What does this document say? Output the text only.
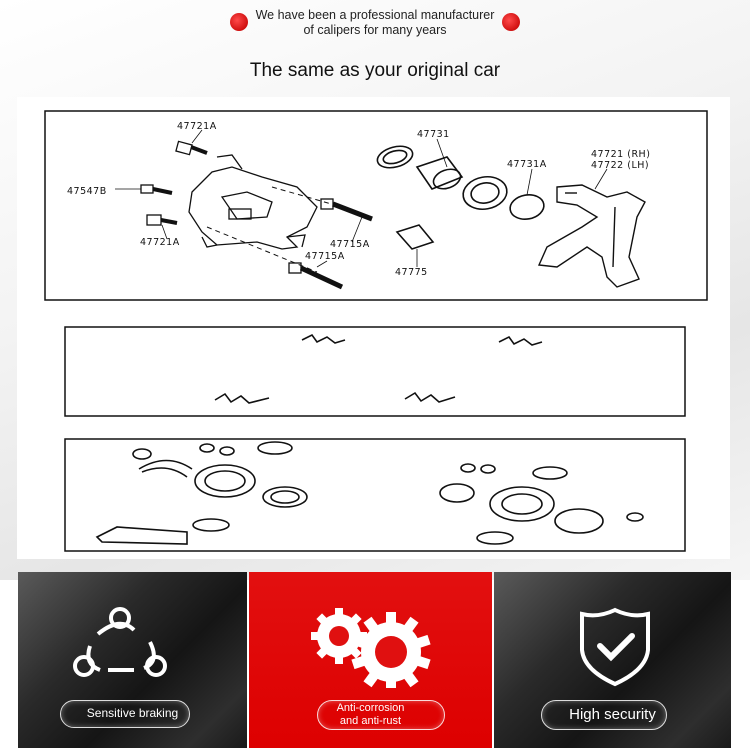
We have been a professional manufacturer
of calipers for many years
The same as your original car
47721A
47547B
47721A
47731
47731A
47721 (RH)
47722 (LH)
47715A
47715A
47775
Sensitive braking	Anti-corrosion
and anti-rust	High security
